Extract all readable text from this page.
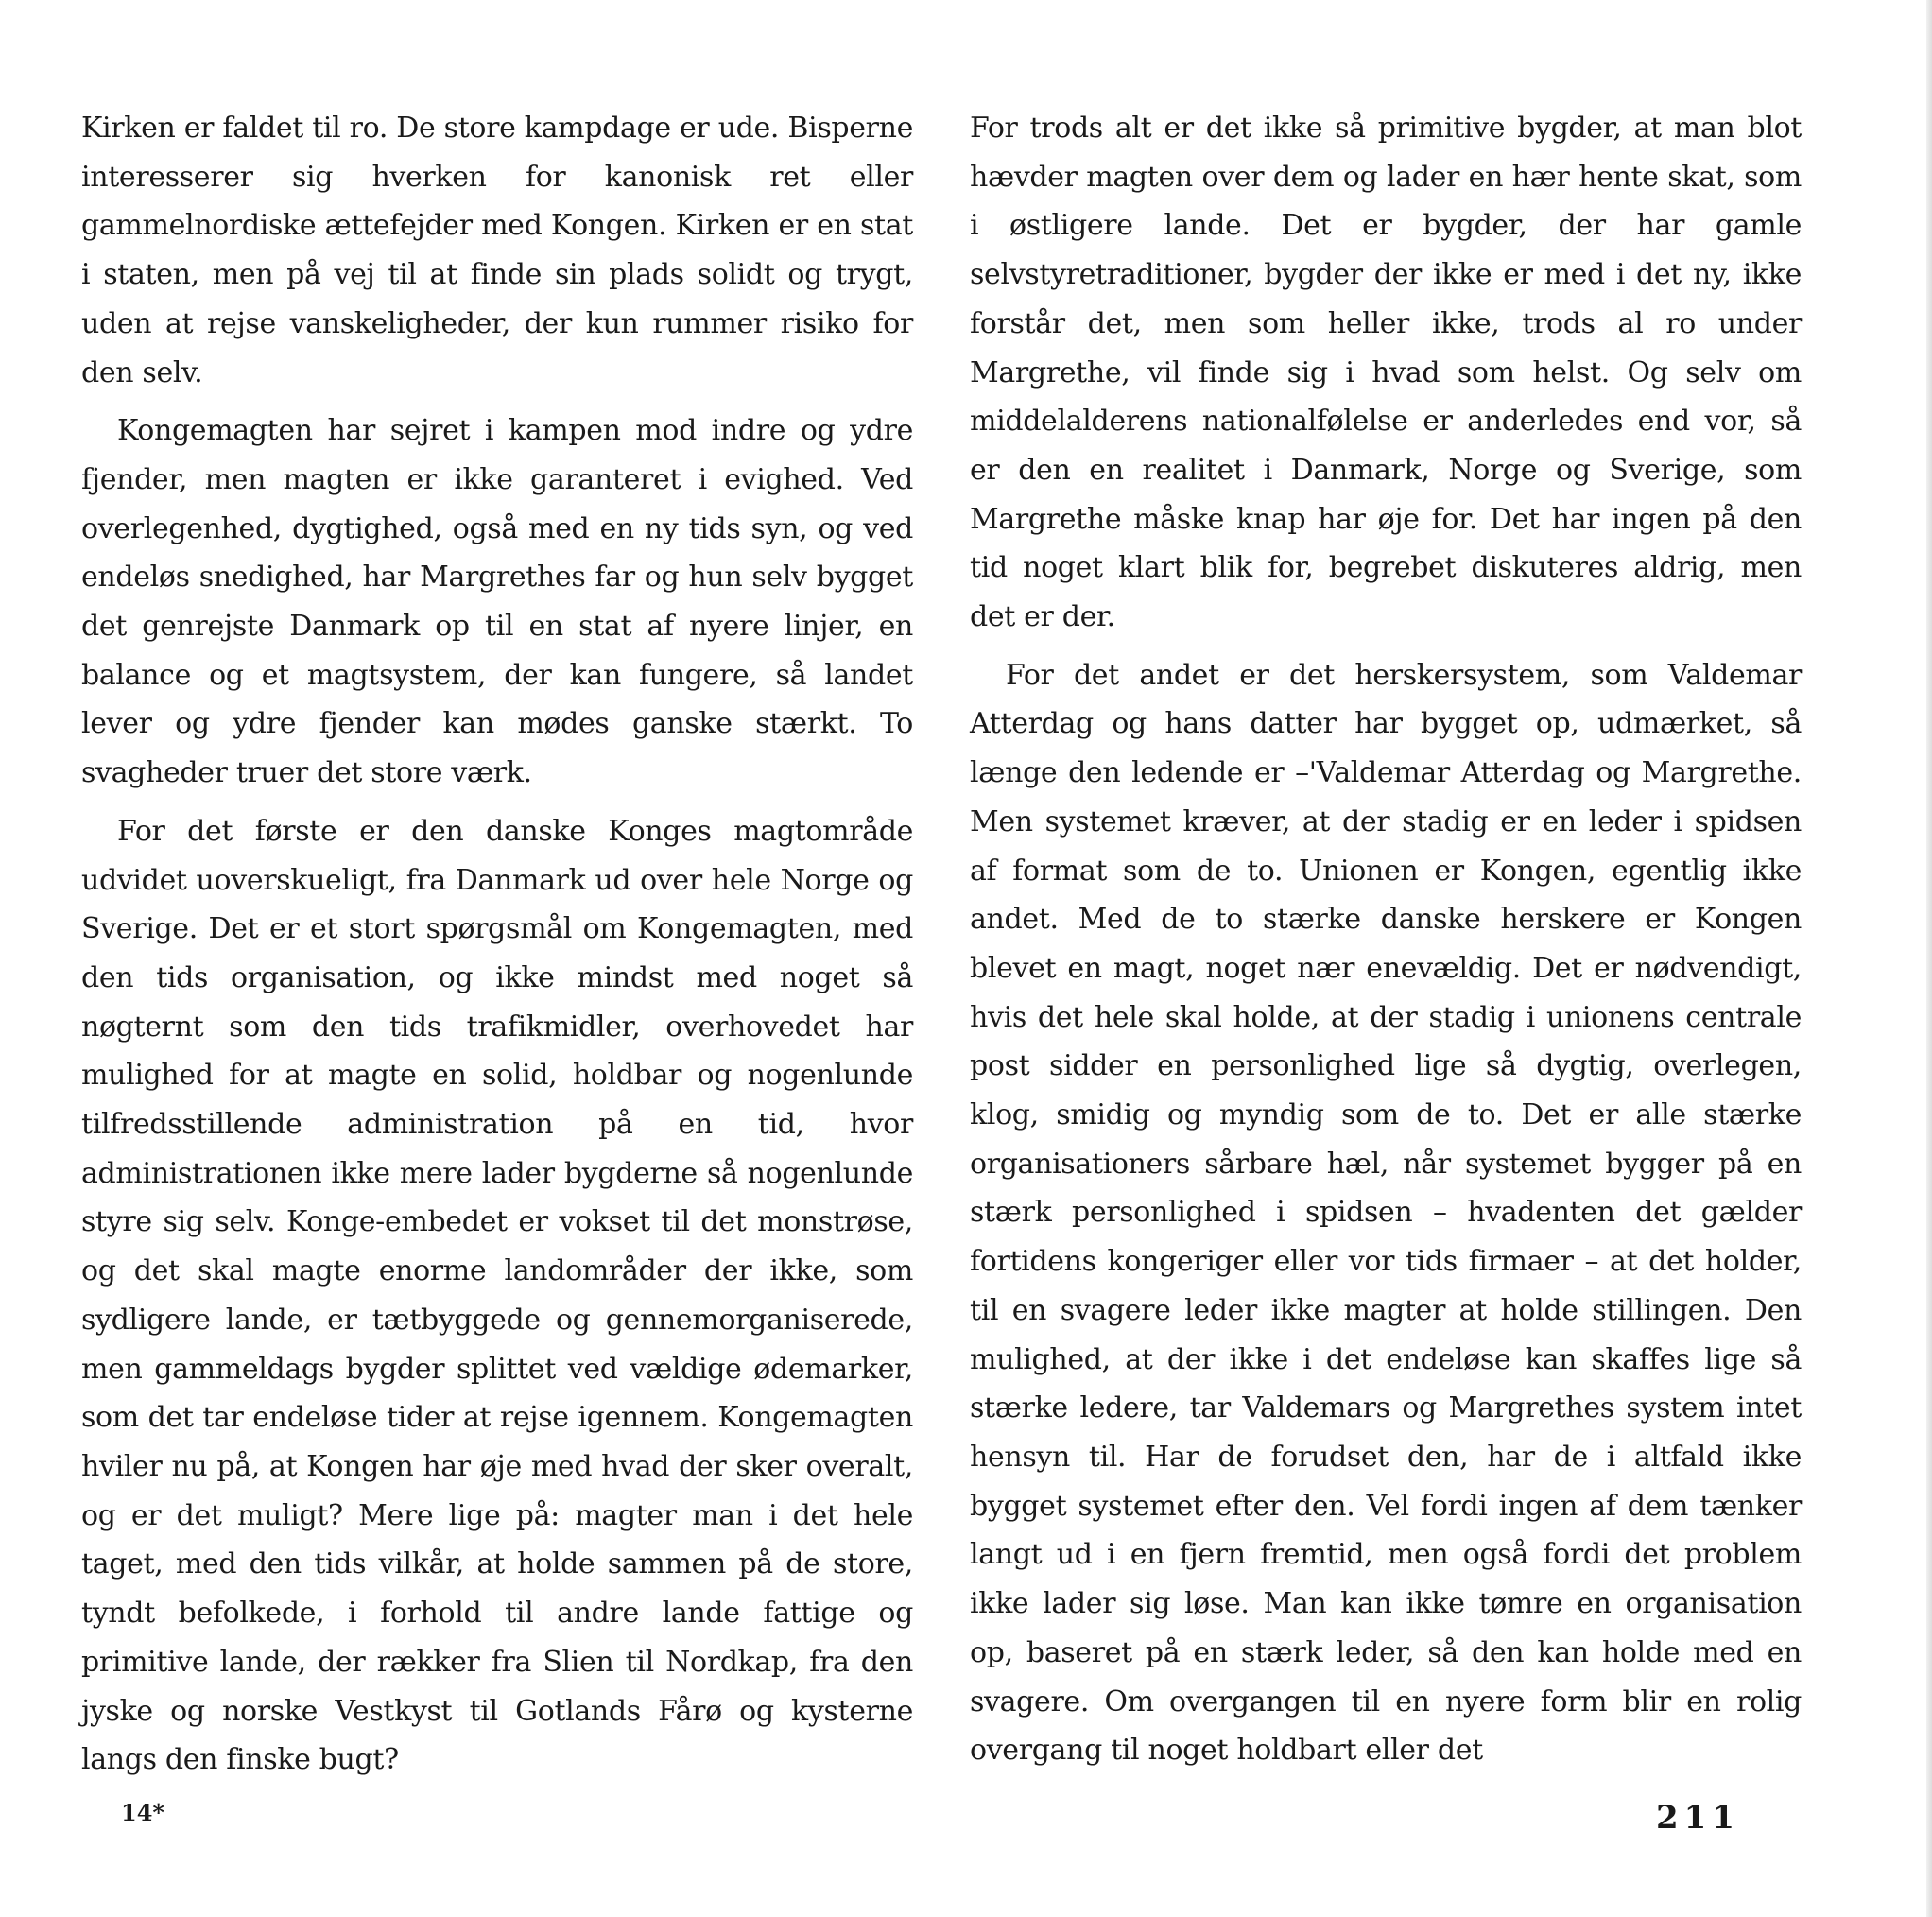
Kirken er faldet til ro. De store kampdage er ude. Bisperne interesserer sig hverken for kanonisk ret eller gammelnordiske ættefejder med Kongen. Kirken er en stat i staten, men på vej til at finde sin plads solidt og trygt, uden at rejse vanskeligheder, der kun rummer risiko for den selv.

Kongemagten har sejret i kampen mod indre og ydre fjender, men magten er ikke garanteret i evighed. Ved overlegenhed, dygtighed, også med en ny tids syn, og ved endeløs snedighed, har Margrethes far og hun selv bygget det genrejste Danmark op til en stat af nyere linjer, en balance og et magtsystem, der kan fungere, så landet lever og ydre fjender kan mødes ganske stærkt. To svagheder truer det store værk.

For det første er den danske Konges magtområde udvidet uoverskueligt, fra Danmark ud over hele Norge og Sverige. Det er et stort spørgsmål om Kongemagten, med den tids organisation, og ikke mindst med noget så nøgternt som den tids trafikmidler, overhovedet har mulighed for at magte en solid, holdbar og nogenlunde tilfredsstillende administration på en tid, hvor administrationen ikke mere lader bygderne så nogenlunde styre sig selv. Konge-embedet er vokset til det monstrøse, og det skal magte enorme landområder der ikke, som sydligere lande, er tætbyggede og gennemorganiserede, men gammeldags bygder splittet ved vældige ødemarker, som det tar endeløse tider at rejse igennem. Kongemagten hviler nu på, at Kongen har øje med hvad der sker overalt, og er det muligt? Mere lige på: magter man i det hele taget, med den tids vilkår, at holde sammen på de store, tyndt befolkede, i forhold til andre lande fattige og primitive lande, der rækker fra Slien til Nordkap, fra den jyske og norske Vestkyst til Gotlands Fårø og kysterne langs den finske bugt?

For trods alt er det ikke så primitive bygder, at man blot hævder magten over dem og lader en hær hente skat, som i østligere lande. Det er bygder, der har gamle selvstyretraditioner, bygder der ikke er med i det ny, ikke forstår det, men som heller ikke, trods al ro under Margrethe, vil finde sig i hvad som helst. Og selv om middelalderens nationalfølelse er anderledes end vor, så er den en realitet i Danmark, Norge og Sverige, som Margrethe måske knap har øje for. Det har ingen på den tid noget klart blik for, begrebet diskuteres aldrig, men det er der.

For det andet er det herskersystem, som Valdemar Atterdag og hans datter har bygget op, udmærket, så længe den ledende er –'Valdemar Atterdag og Margrethe. Men systemet kræver, at der stadig er en leder i spidsen af format som de to. Unionen er Kongen, egentlig ikke andet. Med de to stærke danske herskere er Kongen blevet en magt, noget nær enevældig. Det er nødvendigt, hvis det hele skal holde, at der stadig i unionens centrale post sidder en personlighed lige så dygtig, overlegen, klog, smidig og myndig som de to. Det er alle stærke organisationers sårbare hæl, når systemet bygger på en stærk personlighed i spidsen – hvadenten det gælder fortidens kongeriger eller vor tids firmaer – at det holder, til en svagere leder ikke magter at holde stillingen. Den mulighed, at der ikke i det endeløse kan skaffes lige så stærke ledere, tar Valdemars og Margrethes system intet hensyn til. Har de forudset den, har de i altfald ikke bygget systemet efter den. Vel fordi ingen af dem tænker langt ud i en fjern fremtid, men også fordi det problem ikke lader sig løse. Man kan ikke tømre en organisation op, baseret på en stærk leder, så den kan holde med en svagere. Om overgangen til en nyere form blir en rolig overgang til noget holdbart eller det

14*	211
